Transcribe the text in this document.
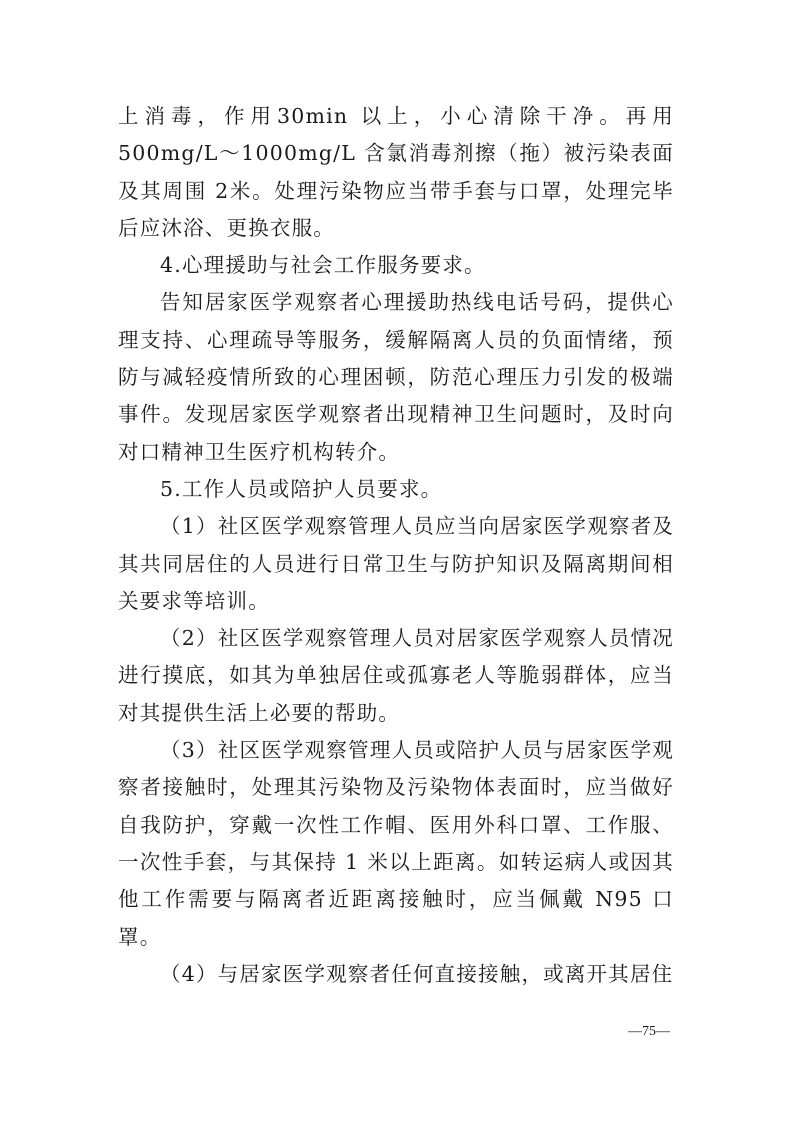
上消毒，作用30min 以上，小心清除干净。再用 500mg/L～1000mg/L 含氯消毒剂擦（拖）被污染表面及其周围 2米。处理污染物应当带手套与口罩，处理完毕后应沐浴、更换衣服。

4.心理援助与社会工作服务要求。

告知居家医学观察者心理援助热线电话号码，提供心理支持、心理疏导等服务，缓解隔离人员的负面情绪，预防与减轻疫情所致的心理困顿，防范心理压力引发的极端事件。发现居家医学观察者出现精神卫生问题时，及时向对口精神卫生医疗机构转介。

5.工作人员或陪护人员要求。

（1）社区医学观察管理人员应当向居家医学观察者及其共同居住的人员进行日常卫生与防护知识及隔离期间相关要求等培训。

（2）社区医学观察管理人员对居家医学观察人员情况进行摸底，如其为单独居住或孤寡老人等脆弱群体，应当对其提供生活上必要的帮助。

（3）社区医学观察管理人员或陪护人员与居家医学观察者接触时，处理其污染物及污染物体表面时，应当做好自我防护，穿戴一次性工作帽、医用外科口罩、工作服、一次性手套，与其保持 1 米以上距离。如转运病人或因其他工作需要与隔离者近距离接触时，应当佩戴 N95 口罩。

（4）与居家医学观察者任何直接接触，或离开其居住

—75—
